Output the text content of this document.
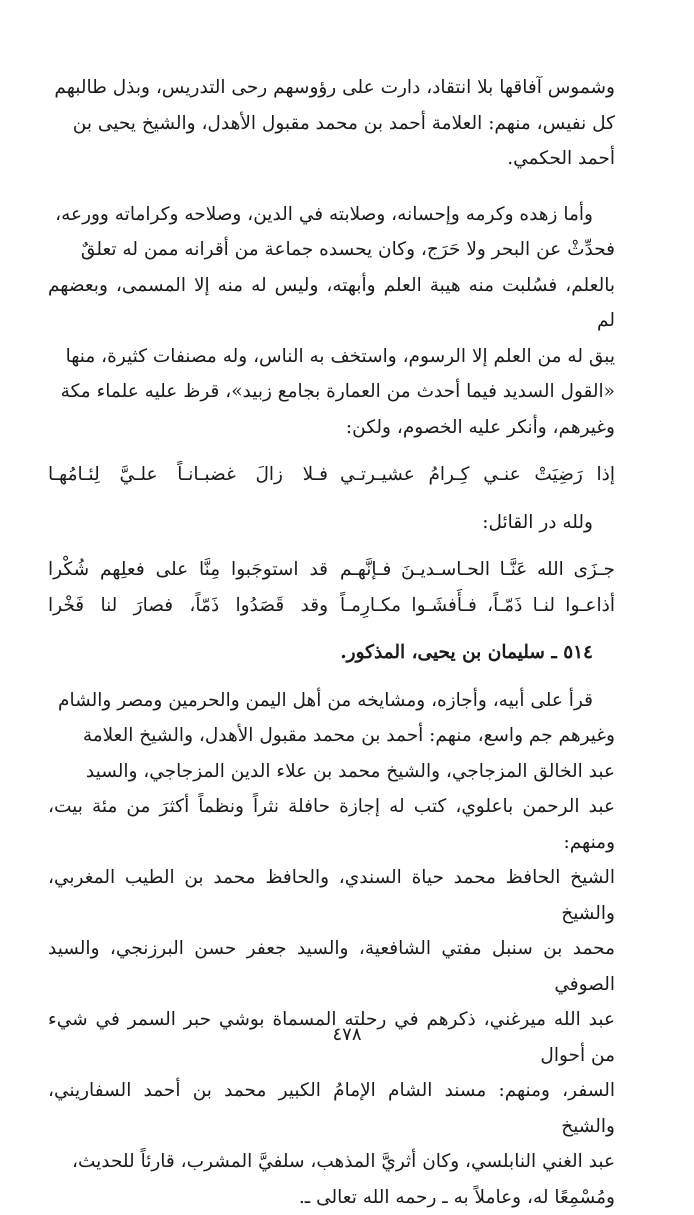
وشموس آفاقها بلا انتقاد، دارت على رؤوسهم رحى التدريس، وبذل طالبهم

كل نفيس، منهم: العلامة أحمد بن محمد مقبول الأهدل، والشيخ يحيى بن

أحمد الحكمي.

وأما زهده وكرمه وإحسانه، وصلابته في الدين، وصلاحه وكراماته وورعه،

فحدِّثْ عن البحر ولا حَرَج، وكان يحسده جماعة من أقرانه ممن له تعلقٌ

بالعلم، فسُلبت منه هيبة العلم وأبهته، وليس له منه إلا المسمى، وبعضهم لم

يبق له من العلم إلا الرسوم، واستخف به الناس، وله مصنفات كثيرة، منها

«القول السديد فيما أحدث من العمارة بجامع زبيد»، قرظ عليه علماء مكة

وغيرهم، وأنكر عليه الخصوم، ولكن:

إذا رَضِيَتْ عنـي كِـرامُ عشيـرتـي
فـلا زالَ غضبـانـاً علـيَّ لِئـامُهـا

ولله در القائل:

جـزَى الله عَنَّـا الحـاسـديـنَ فـإنَّهـم
قد استوجَبوا مِنَّا على فعلِهم شُكْرا
أذاعـوا لنـا ذَمّـاً، فـأَفشَـوا مكـارِمـاً
وقد قَصَدُوا ذَمّاً، فصارَ لنا فَخْرا

٥١٤ ـ سليمان بن يحيى، المذكور.

قرأ على أبيه، وأجازه، ومشايخه من أهل اليمن والحرمين ومصر والشام

وغيرهم جم واسع، منهم: أحمد بن محمد مقبول الأهدل، والشيخ العلامة

عبد الخالق المزجاجي، والشيخ محمد بن علاء الدين المزجاجي، والسيد

عبد الرحمن باعلوي، كتب له إجازة حافلة نثراً ونظماً أكثرَ من مئة بيت، ومنهم:

الشيخ الحافظ محمد حياة السندي، والحافظ محمد بن الطيب المغربي، والشيخ

محمد بن سنبل مفتي الشافعية، والسيد جعفر حسن البرزنجي، والسيد الصوفي

عبد الله ميرغني، ذكرهم في رحلته المسماة بوشي حبر السمر في شيء من أحوال

السفر، ومنهم: مسند الشام الإمامُ الكبير محمد بن أحمد السفاريني، والشيخ

عبد الغني النابلسي، وكان أثريَّ المذهب، سلفيَّ المشرب، قارئاً للحديث،

ومُسْمِعًا له، وعاملاً به ـ رحمه الله تعالى ـ.

٤٧٨
